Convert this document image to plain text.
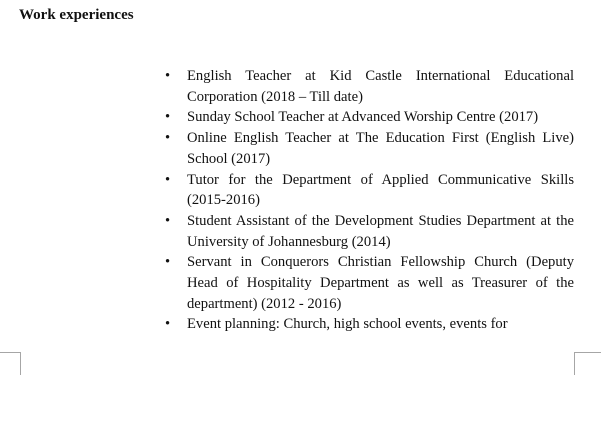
Work experiences
•	English Teacher at Kid Castle International Educational Corporation (2018 – Till date)
•	Sunday School Teacher at Advanced Worship Centre (2017)
•	Online English Teacher at The Education First (English Live) School (2017)
•	Tutor for the Department of Applied Communicative Skills (2015-2016)
•	Student Assistant of the Development Studies Department at the University of Johannesburg (2014)
•	Servant in Conquerors Christian Fellowship Church (Deputy Head of Hospitality Department as well as Treasurer of the department) (2012 - 2016)
•	Event planning: Church, high school events, events for
